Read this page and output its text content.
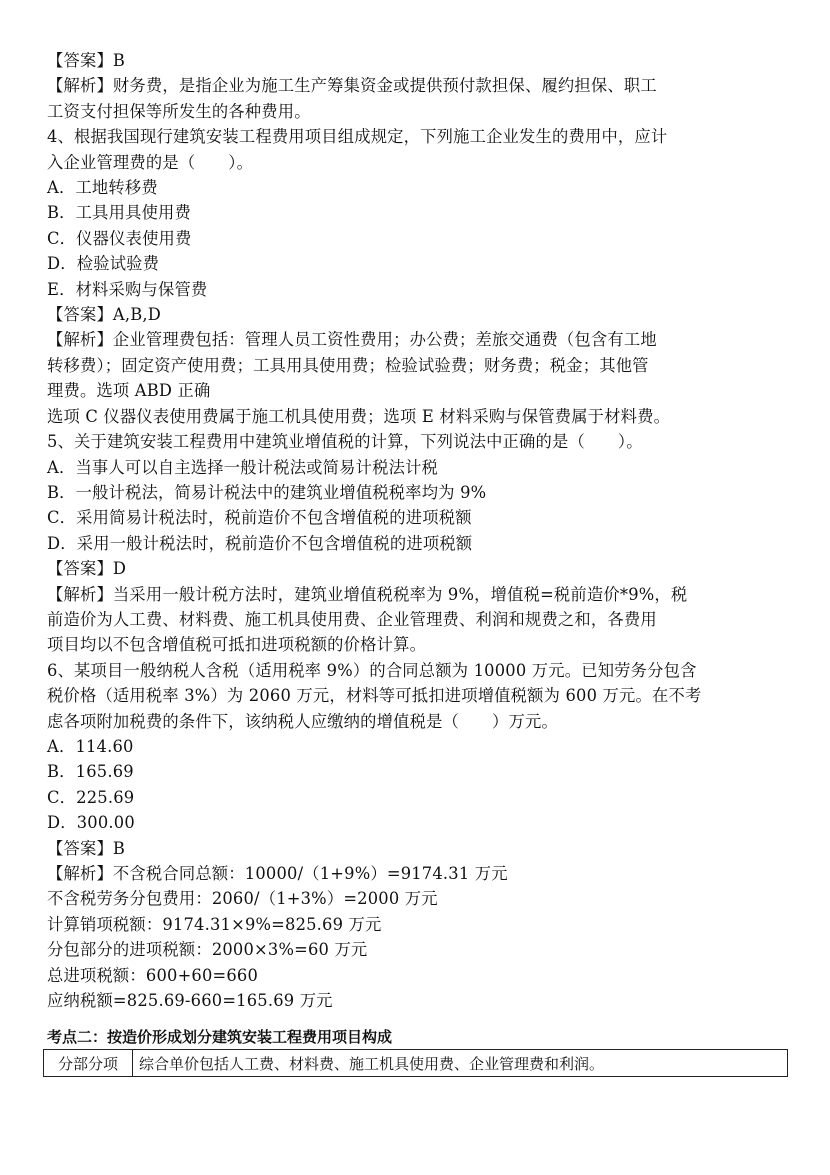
【答案】B

【解析】财务费，是指企业为施工生产筹集资金或提供预付款担保、履约担保、职工

工资支付担保等所发生的各种费用。

4、根据我国现行建筑安装工程费用项目组成规定，下列施工企业发生的费用中，应计

入企业管理费的是（　　）。

A．工地转移费

B．工具用具使用费

C．仪器仪表使用费

D．检验试验费

E．材料采购与保管费

【答案】A,B,D

【解析】企业管理费包括：管理人员工资性费用；办公费；差旅交通费（包含有工地

转移费）；固定资产使用费；工具用具使用费；检验试验费；财务费；税金；其他管

理费。选项 ABD 正确

选项 C 仪器仪表使用费属于施工机具使用费；选项 E 材料采购与保管费属于材料费。

5、关于建筑安装工程费用中建筑业增值税的计算，下列说法中正确的是（　　）。

A．当事人可以自主选择一般计税法或简易计税法计税

B．一般计税法，简易计税法中的建筑业增值税税率均为 9%

C．采用简易计税法时，税前造价不包含增值税的进项税额

D．采用一般计税法时，税前造价不包含增值税的进项税额

【答案】D

【解析】当采用一般计税方法时，建筑业增值税税率为 9%，增值税=税前造价*9%，税

前造价为人工费、材料费、施工机具使用费、企业管理费、利润和规费之和，各费用

项目均以不包含增值税可抵扣进项税额的价格计算。

6、某项目一般纳税人含税（适用税率 9%）的合同总额为 10000 万元。已知劳务分包含

税价格（适用税率 3%）为 2060 万元，材料等可抵扣进项增值税额为 600 万元。在不考

虑各项附加税费的条件下，该纳税人应缴纳的增值税是（　　）万元。

A．114.60

B．165.69

C．225.69

D．300.00

【答案】B

【解析】不含税合同总额：10000/（1+9%）=9174.31 万元

不含税劳务分包费用：2060/（1+3%）=2000 万元

计算销项税额：9174.31×9%=825.69 万元

分包部分的进项税额：2000×3%=60 万元

总进项税额：600+60=660

应纳税额=825.69-660=165.69 万元

考点二：按造价形成划分建筑安装工程费用项目构成
分部分项	综合单价包括人工费、材料费、施工机具使用费、企业管理费和利润。
